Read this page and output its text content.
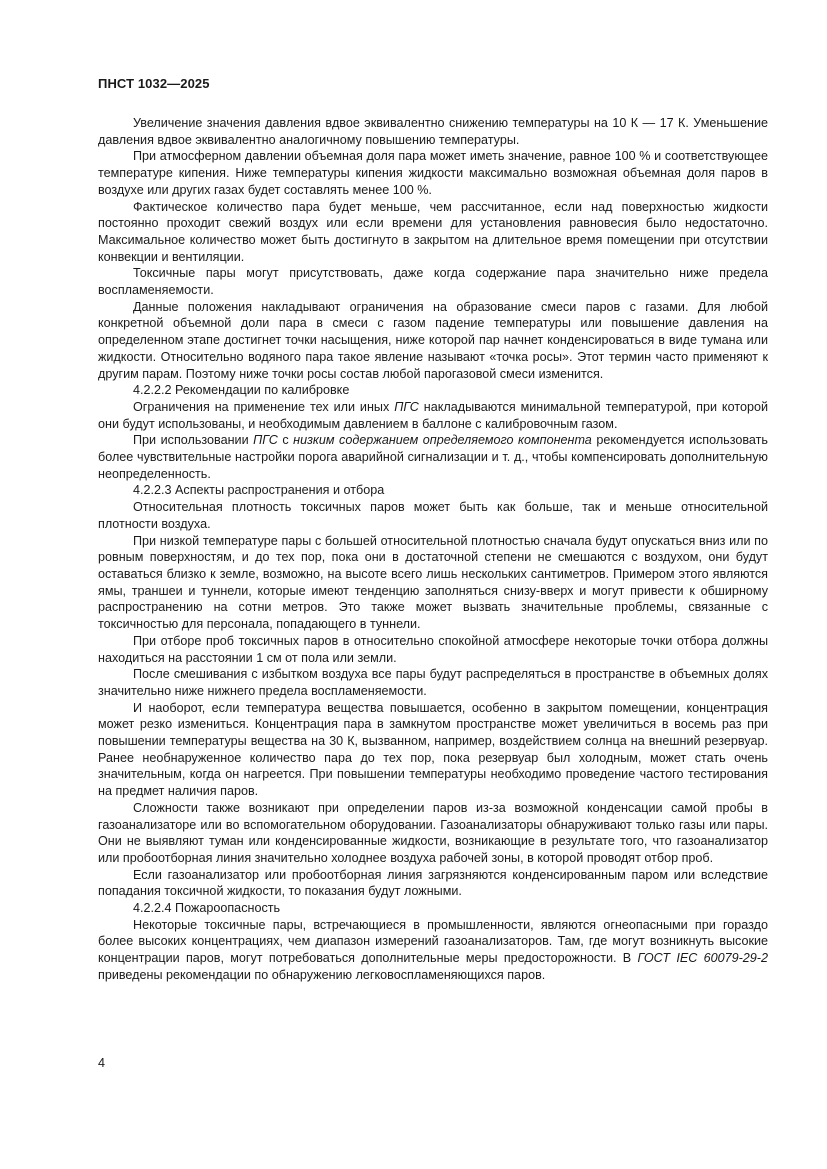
ПНСТ 1032—2025

Увеличение значения давления вдвое эквивалентно снижению температуры на 10 К — 17 К. Уменьшение давления вдвое эквивалентно аналогичному повышению температуры.

При атмосферном давлении объемная доля пара может иметь значение, равное 100 % и соответствующее температуре кипения. Ниже температуры кипения жидкости максимально возможная объемная доля паров в воздухе или других газах будет составлять менее 100 %.

Фактическое количество пара будет меньше, чем рассчитанное, если над поверхностью жидкости постоянно проходит свежий воздух или если времени для установления равновесия было недостаточно. Максимальное количество может быть достигнуто в закрытом на длительное время помещении при отсутствии конвекции и вентиляции.

Токсичные пары могут присутствовать, даже когда содержание пара значительно ниже предела воспламеняемости.

Данные положения накладывают ограничения на образование смеси паров с газами. Для любой конкретной объемной доли пара в смеси с газом падение температуры или повышение давления на определенном этапе достигнет точки насыщения, ниже которой пар начнет конденсироваться в виде тумана или жидкости. Относительно водяного пара такое явление называют «точка росы». Этот термин часто применяют к другим парам. Поэтому ниже точки росы состав любой парогазовой смеси изменится.

4.2.2.2 Рекомендации по калибровке

Ограничения на применение тех или иных ПГС накладываются минимальной температурой, при которой они будут использованы, и необходимым давлением в баллоне с калибровочным газом.

При использовании ПГС с низким содержанием определяемого компонента рекомендуется использовать более чувствительные настройки порога аварийной сигнализации и т. д., чтобы компенсировать дополнительную неопределенность.

4.2.2.3 Аспекты распространения и отбора

Относительная плотность токсичных паров может быть как больше, так и меньше относительной плотности воздуха.

При низкой температуре пары с большей относительной плотностью сначала будут опускаться вниз или по ровным поверхностям, и до тех пор, пока они в достаточной степени не смешаются с воздухом, они будут оставаться близко к земле, возможно, на высоте всего лишь нескольких сантиметров. Примером этого являются ямы, траншеи и туннели, которые имеют тенденцию заполняться снизу-вверх и могут привести к обширному распространению на сотни метров. Это также может вызвать значительные проблемы, связанные с токсичностью для персонала, попадающего в туннели.

При отборе проб токсичных паров в относительно спокойной атмосфере некоторые точки отбора должны находиться на расстоянии 1 см от пола или земли.

После смешивания с избытком воздуха все пары будут распределяться в пространстве в объемных долях значительно ниже нижнего предела воспламеняемости.

И наоборот, если температура вещества повышается, особенно в закрытом помещении, концентрация может резко измениться. Концентрация пара в замкнутом пространстве может увеличиться в восемь раз при повышении температуры вещества на 30 К, вызванном, например, воздействием солнца на внешний резервуар. Ранее необнаруженное количество пара до тех пор, пока резервуар был холодным, может стать очень значительным, когда он нагреется. При повышении температуры необходимо проведение частого тестирования на предмет наличия паров.

Сложности также возникают при определении паров из-за возможной конденсации самой пробы в газоанализаторе или во вспомогательном оборудовании. Газоанализаторы обнаруживают только газы или пары. Они не выявляют туман или конденсированные жидкости, возникающие в результате того, что газоанализатор или пробоотборная линия значительно холоднее воздуха рабочей зоны, в которой проводят отбор проб.

Если газоанализатор или пробоотборная линия загрязняются конденсированным паром или вследствие попадания токсичной жидкости, то показания будут ложными.

4.2.2.4 Пожароопасность

Некоторые токсичные пары, встречающиеся в промышленности, являются огнеопасными при гораздо более высоких концентрациях, чем диапазон измерений газоанализаторов. Там, где могут возникнуть высокие концентрации паров, могут потребоваться дополнительные меры предосторожности. В ГОСТ IEC 60079-29-2 приведены рекомендации по обнаружению легковоспламеняющихся паров.

4
